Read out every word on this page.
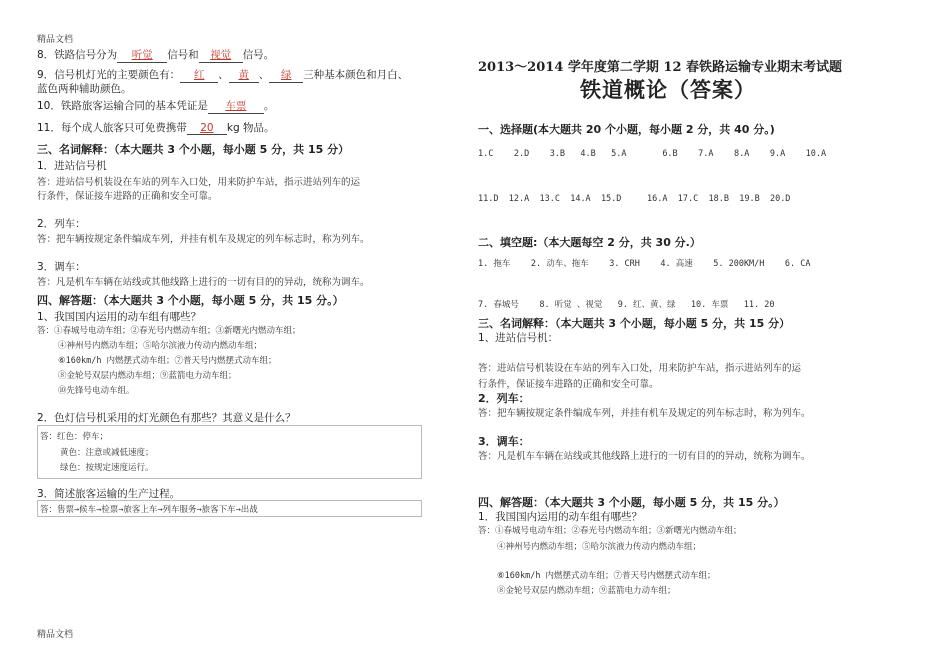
精品文档
8．铁路信号分为 听觉 信号和 视觉 信号。
9．信号机灯光的主要颜色有： 红 、 黄 、 绿 三种基本颜色和月白、
蓝色两种辅助颜色。
10．铁路旅客运输合同的基本凭证是 车票 。
11．每个成人旅客只可免费携带 20 kg 物品。
三、名词解释：（本大题共 3 个小题，每小题 5 分，共 15 分）
1．进站信号机
答：进站信号机装设在车站的列车入口处，用来防护车站，指示进站列车的运
行条件，保证接车进路的正确和安全可靠。
2．列车：
答：把车辆按规定条件编成车列，并挂有机车及规定的列车标志时，称为列车。
3．调车：
答：凡是机车车辆在站线或其他线路上进行的一切有目的的异动，统称为调车。
四、解答题：（本大题共 3 个小题，每小题 5 分，共 15 分。）
1、我国国内运用的动车组有哪些？
答：①春城号电动车组；②春光号内燃动车组；③新曙光内燃动车组；
④神州号内燃动车组；⑤哈尔滨液力传动内燃动车组；
⑥160km/h 内燃摆式动车组；⑦普天号内燃摆式动车组；
⑧金轮号双层内燃动车组；⑨蓝箭电力动车组；
⑩先锋号电动车组。
2．色灯信号机采用的灯光颜色有那些？其意义是什么？
答：红色：停车；
黄色：注意或减低速度；
绿色：按规定速度运行。
3．简述旅客运输的生产过程。
答：售票→候车→检票→旅客上车→列车服务→旅客下车→出战
精品文档
2013～2014 学年度第二学期 12 春铁路运输专业期末考试题
铁道概论（答案）
一、选择题(本大题共 20 个小题，每小题 2 分，共 40 分。)
1.C 2.D 3.B 4.B 5.A	6.B 7.A 8.A 9.A 10.A
11.D 12.A 13.C 14.A 15.D	16.A 17.C 18.B 19.B 20.D
二、填空题:（本大题每空 2 分，共 30 分.）
1. 拖车 2. 动车、拖车 3. CRH 4. 高速 5. 200KM/H 6. CA
7. 春城号 8. 听觉 、视觉 9. 红、黄、绿 10. 车票 11. 20
三、名词解释：（本大题共 3 个小题，每小题 5 分，共 15 分）
1、进站信号机：
答：进站信号机装设在车站的列车入口处，用来防护车站，指示进站列车的运
行条件，保证接车进路的正确和安全可靠。
2．列车：
答：把车辆按规定条件编成车列，并挂有机车及规定的列车标志时，称为列车。
3．调车：
答：凡是机车车辆在站线或其他线路上进行的一切有目的的异动，统称为调车。
四、解答题：（本大题共 3 个小题，每小题 5 分，共 15 分。）
1．我国国内运用的动车组有哪些？
答：①春城号电动车组；②春光号内燃动车组；③新曙光内燃动车组；
④神州号内燃动车组；⑤哈尔滨液力传动内燃动车组；
⑥160km/h 内燃摆式动车组；⑦普天号内燃摆式动车组；
⑧金轮号双层内燃动车组；⑨蓝箭电力动车组；
